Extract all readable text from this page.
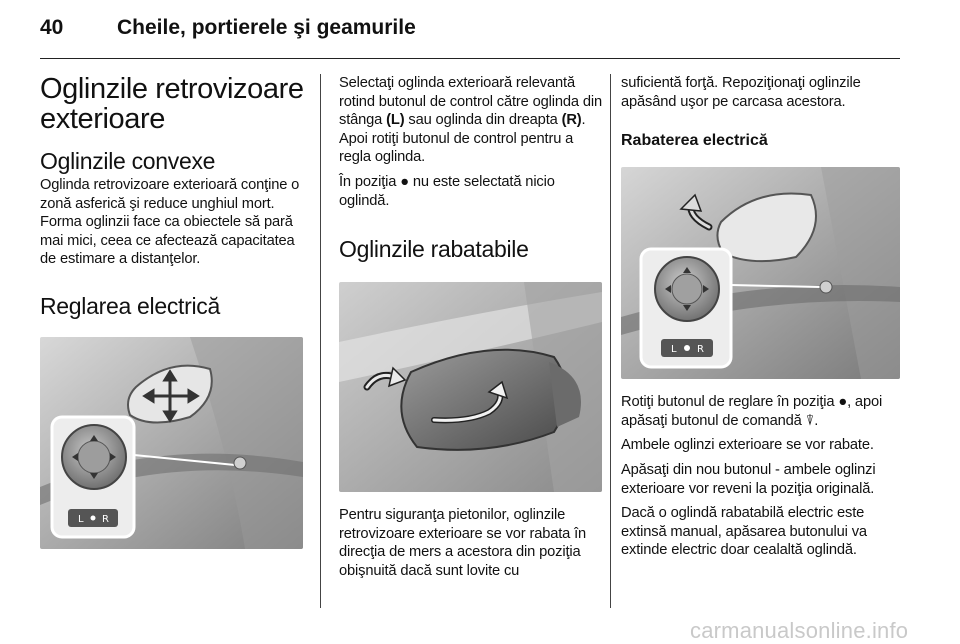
40	Cheile, portierele şi geamurile
Oglinzile retrovizoare exterioare
Oglinzile convexe

Oglinda retrovizoare exterioară conţine o zonă asferică şi reduce unghiul mort. Forma oglinzii face ca obiectele să pară mai mici, ceea ce afectează capacitatea de estimare a distanţelor.

Reglarea electrică
L R

Selectaţi oglinda exterioară relevantă rotind butonul de control către oglinda din stânga (L) sau oglinda din dreapta (R). Apoi rotiţi butonul de control pentru a regla oglinda.

În poziţia ● nu este selectată nicio oglindă.

Oglinzile rabatabile

Pentru siguranţa pietonilor, oglinzile retrovizoare exterioare se vor rabata în direcţia de mers a acestora din poziţia obişnuită dacă sunt lovite cu

suficientă forţă. Repoziţionaţi oglinzile apăsând uşor pe carcasa acestora.

Rabaterea electrică
L R

Rotiţi butonul de reglare în poziţia ●, apoi apăsaţi butonul de comandă ⍒.

Ambele oglinzi exterioare se vor rabate.

Apăsaţi din nou butonul - ambele oglinzi exterioare vor reveni la poziţia originală.

Dacă o oglindă rabatabilă electric este extinsă manual, apăsarea butonului va extinde electric doar cealaltă oglindă.

carmanualsonline.info
